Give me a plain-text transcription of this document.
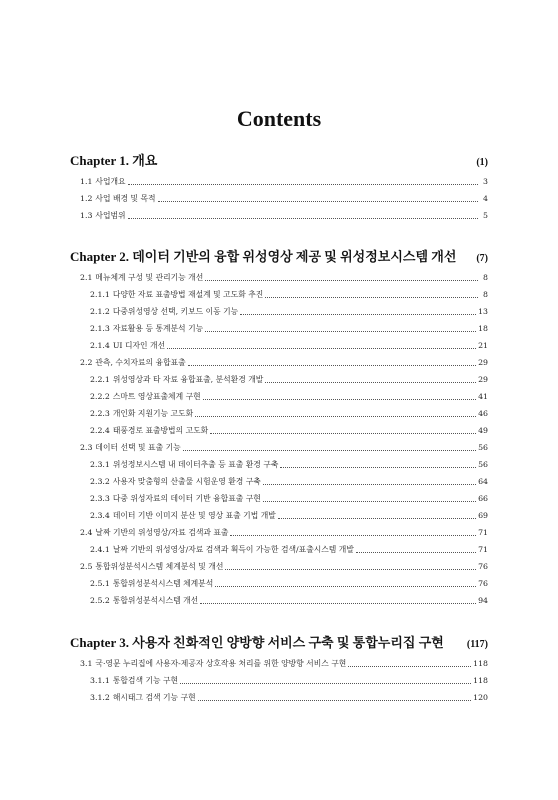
Contents
Chapter 1. 개요	(1)
1.1 사업개요	3
1.2 사업 배경 및 목적	4
1.3 사업범위	5
Chapter 2. 데이터 기반의 융합 위성영상 제공 및 위성정보시스템 개선	(7)
2.1 메뉴체계 구성 및 관리기능 개선	8
2.1.1 다양한 자료 표출방법 재설계 및 고도화 추진	8
2.1.2 다중위성영상 선택, 키보드 이동 기능	13
2.1.3 자료활용 등 통계분석 기능	18
2.1.4 UI 디자인 개선	21
2.2 관측, 수치자료의 융합표출	29
2.2.1 위성영상과 타 자료 융합표출, 분석환경 개발	29
2.2.2 스마트 영상표출체계 구현	41
2.2.3 개인화 지원기능 고도화	46
2.2.4 태풍경로 표출방법의 고도화	49
2.3 데이터 선택 및 표출 기능	56
2.3.1 위성정보시스템 내 데이터추출 등 표출 환경 구축	56
2.3.2 사용자 맞춤형의 산출물 시험운영 환경 구축	64
2.3.3 다중 위성자료의 데이터 기반 융합표출 구현	66
2.3.4 데이터 기반 이미지 분산 및 영상 표출 기법 개발	69
2.4 날짜 기반의 위성영상/자료 검색과 표출	71
2.4.1 날짜 기반의 위성영상/자료 검색과 획득이 가능한 검색/표출시스템 개발	71
2.5 통합위성분석시스템 체계분석 및 개선	76
2.5.1 통합위성분석시스템 체계분석	76
2.5.2 통합위성분석시스템 개선	94
Chapter 3. 사용자 친화적인 양방향 서비스 구축 및 통합누리집 구현	(117)
3.1 국·영문 누리집에 사용자-제공자 상호작용 처리를 위한 양방향 서비스 구현	118
3.1.1 통합검색 기능 구현	118
3.1.2 해시태그 검색 기능 구현	120
